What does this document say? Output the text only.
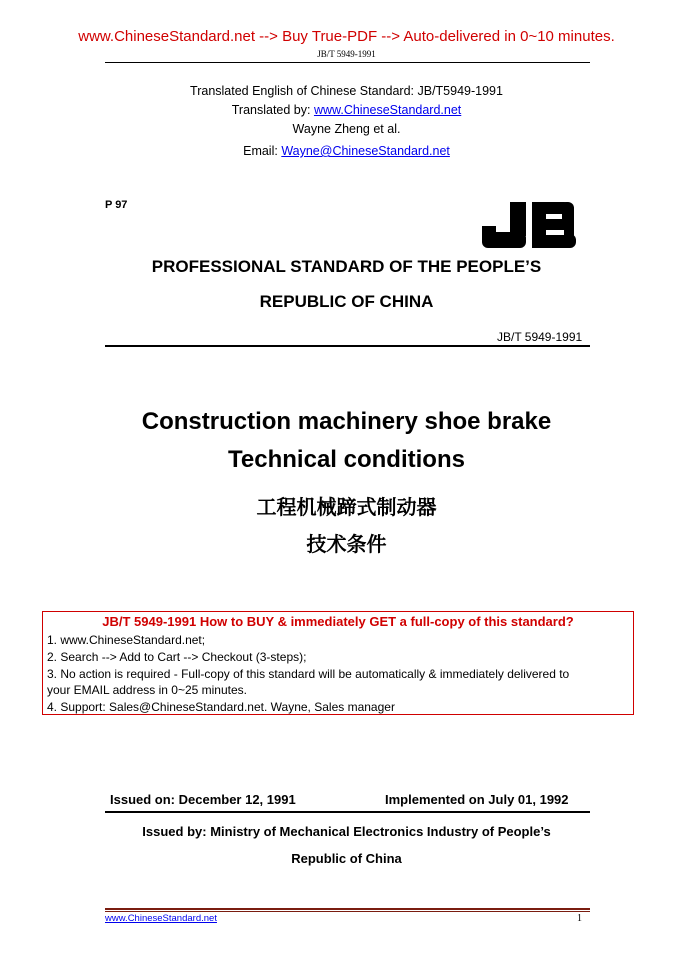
www.ChineseStandard.net --> Buy True-PDF --> Auto-delivered in 0~10 minutes.
JB/T 5949-1991
Translated English of Chinese Standard: JB/T5949-1991
Translated by: www.ChineseStandard.net
Wayne Zheng et al.
Email: Wayne@ChineseStandard.net
P 97
PROFESSIONAL STANDARD OF THE PEOPLE’S
REPUBLIC OF CHINA
JB/T 5949-1991
Construction machinery shoe brake
Technical conditions
工程机械蹄式制动器
技术条件
JB/T 5949-1991 How to BUY & immediately GET a full-copy of this standard?
1. www.ChineseStandard.net;
2. Search --> Add to Cart --> Checkout (3-steps);
3. No action is required - Full-copy of this standard will be automatically & immediately delivered to
your EMAIL address in 0~25 minutes.
4. Support: Sales@ChineseStandard.net. Wayne, Sales manager
Issued on: December 12, 1991	Implemented on July 01, 1992
Issued by: Ministry of Mechanical Electronics Industry of People’s
Republic of China
www.ChineseStandard.net	1
